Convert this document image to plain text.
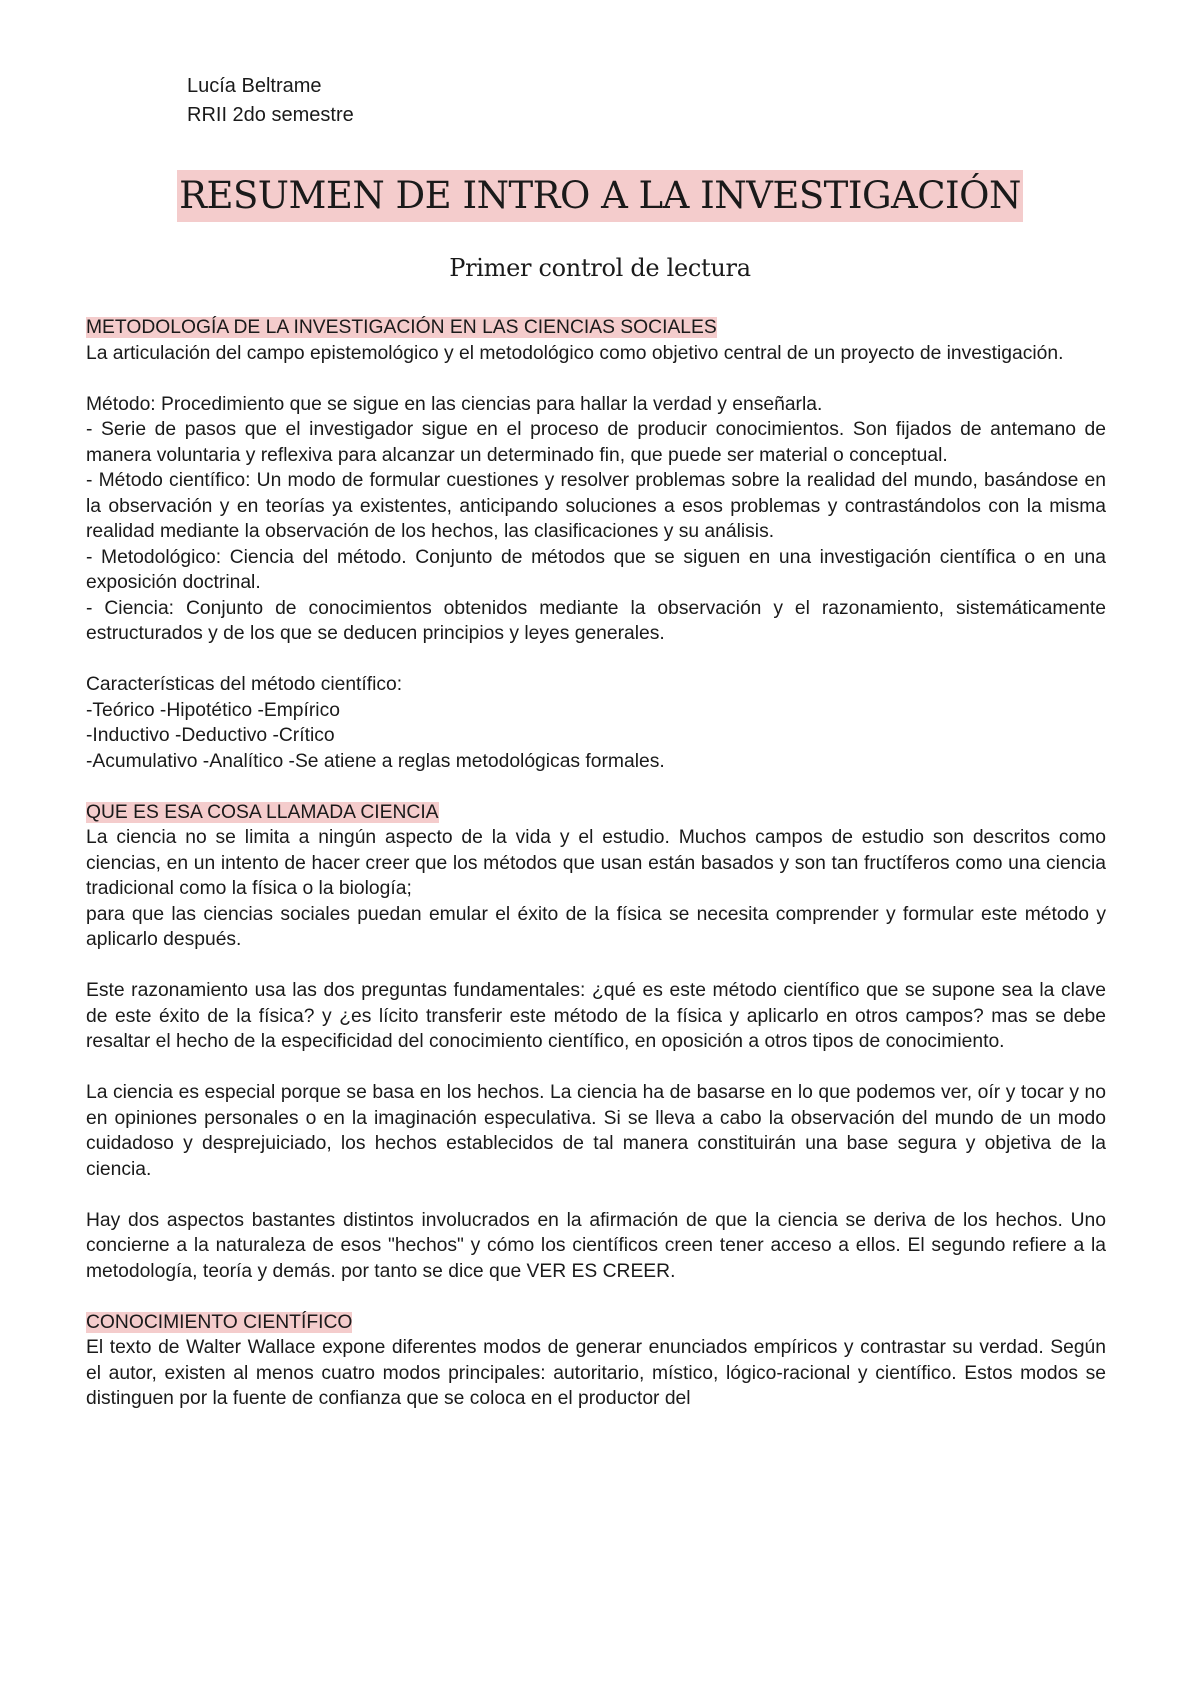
Lucía Beltrame
RRII 2do semestre
RESUMEN DE INTRO A LA INVESTIGACIÓN
Primer control de lectura

METODOLOGÍA DE LA INVESTIGACIÓN EN LAS CIENCIAS SOCIALES

La articulación del campo epistemológico y el metodológico como objetivo central de un proyecto de investigación.

Método: Procedimiento que se sigue en las ciencias para hallar la verdad y enseñarla.

- Serie de pasos que el investigador sigue en el proceso de producir conocimientos. Son fijados de antemano de manera voluntaria y reflexiva para alcanzar un determinado fin, que puede ser material o conceptual.

- Método científico: Un modo de formular cuestiones y resolver problemas sobre la realidad del mundo, basándose en la observación y en teorías ya existentes, anticipando soluciones a esos problemas y contrastándolos con la misma realidad mediante la observación de los hechos, las clasificaciones y su análisis.

- Metodológico: Ciencia del método. Conjunto de métodos que se siguen en una investigación científica o en una exposición doctrinal.

- Ciencia: Conjunto de conocimientos obtenidos mediante la observación y el razonamiento, sistemáticamente estructurados y de los que se deducen principios y leyes generales.

Características del método científico:

-Teórico -Hipotético -Empírico

-Inductivo -Deductivo -Crítico

-Acumulativo -Analítico -Se atiene a reglas metodológicas formales.

QUE ES ESA COSA LLAMADA CIENCIA

La ciencia no se limita a ningún aspecto de la vida y el estudio. Muchos campos de estudio son descritos como ciencias, en un intento de hacer creer que los métodos que usan están basados y son tan fructíferos como una ciencia tradicional como la física o la biología;

para que las ciencias sociales puedan emular el éxito de la física se necesita comprender y formular este método y aplicarlo después.

Este razonamiento usa las dos preguntas fundamentales: ¿qué es este método científico que se supone sea la clave de este éxito de la física? y ¿es lícito transferir este método de la física y aplicarlo en otros campos? mas se debe resaltar el hecho de la especificidad del conocimiento científico, en oposición a otros tipos de conocimiento.

La ciencia es especial porque se basa en los hechos. La ciencia ha de basarse en lo que podemos ver, oír y tocar y no en opiniones personales o en la imaginación especulativa. Si se lleva a cabo la observación del mundo de un modo cuidadoso y desprejuiciado, los hechos establecidos de tal manera constituirán una base segura y objetiva de la ciencia.

Hay dos aspectos bastantes distintos involucrados en la afirmación de que la ciencia se deriva de los hechos. Uno concierne a la naturaleza de esos "hechos" y cómo los científicos creen tener acceso a ellos. El segundo refiere a la metodología, teoría y demás. por tanto se dice que VER ES CREER.

CONOCIMIENTO CIENTÍFICO

El texto de Walter Wallace expone diferentes modos de generar enunciados empíricos y contrastar su verdad. Según el autor, existen al menos cuatro modos principales: autoritario, místico, lógico-racional y científico. Estos modos se distinguen por la fuente de confianza que se coloca en el productor del
